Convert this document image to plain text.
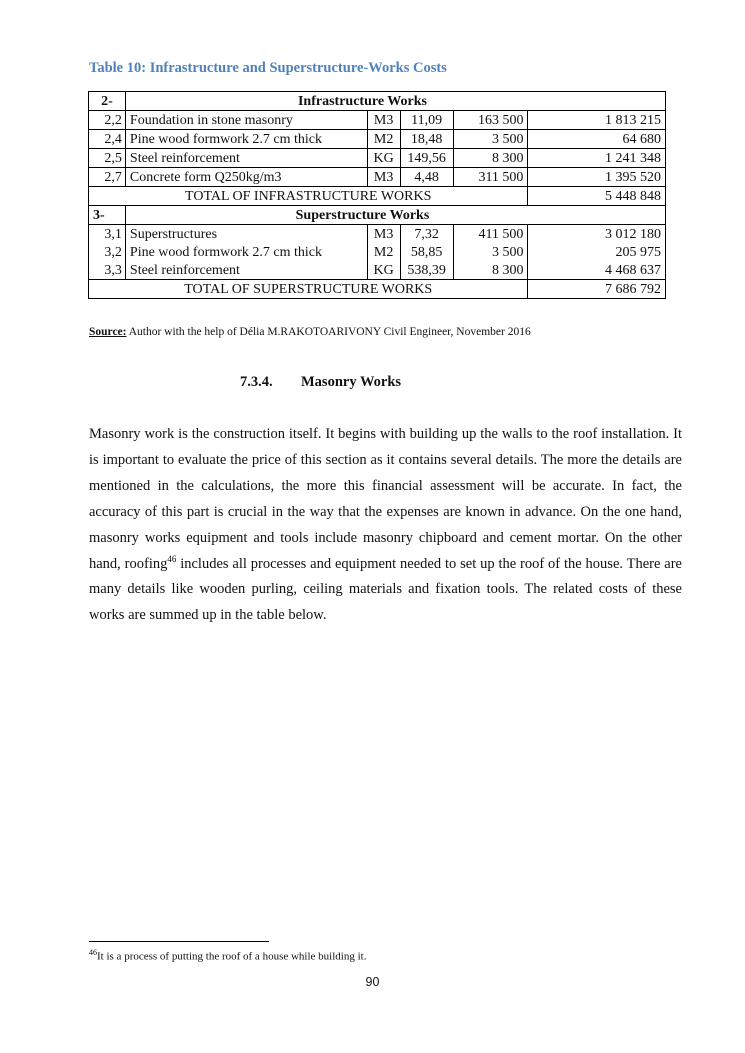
Table 10: Infrastructure and Superstructure-Works Costs
2-	Infrastructure Works				
2,2	Foundation in stone masonry	M3	11,09	163 500	1 813 215
2,4	Pine wood formwork 2.7 cm thick	M2	18,48	3 500	64 680
2,5	Steel reinforcement	KG	149,56	8 300	1 241 348
2,7	Concrete form Q250kg/m3	M3	4,48	311 500	1 395 520
TOTAL OF INFRASTRUCTURE WORKS					5 448 848
3-	Superstructure Works				
3,1	Superstructures	M3	7,32	411 500	3 012 180
3,2	Pine wood formwork 2.7 cm thick	M2	58,85	3 500	205 975
3,3	Steel reinforcement	KG	538,39	8 300	4 468 637
TOTAL OF SUPERSTRUCTURE WORKS					7 686 792
Source: Author with the help of Délia M.RAKOTOARIVONY Civil Engineer, November 2016
7.3.4. Masonry Works

Masonry work is the construction itself. It begins with building up the walls to the roof installation. It is important to evaluate the price of this section as it contains several details. The more the details are mentioned in the calculations, the more this financial assessment will be accurate. In fact, the accuracy of this part is crucial in the way that the expenses are known in advance. On the one hand, masonry works equipment and tools include masonry chipboard and cement mortar. On the other hand, roofing$^{46}$ includes all processes and equipment needed to set up the roof of the house. There are many details like wooden purling, ceiling materials and fixation tools. The related costs of these works are summed up in the table below.

$^{46}$It is a process of putting the roof of a house while building it.
90
